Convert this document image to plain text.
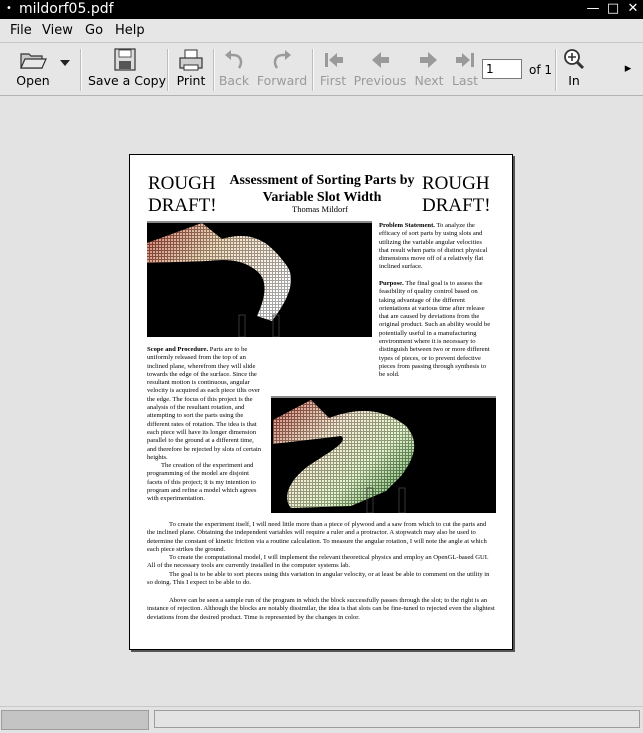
• mildorf05.pdf	— □ ✕
File View Go Help
Open	Save a Copy Print	Back Forward	First Previous Next Last	In
▸
1
of 1
ROUGH DRAFT!
ROUGH DRAFT!
Assessment of Sorting Parts by Variable Slot Width
Thomas Mildorf
Problem Statement. To analyze the efficacy of sort parts by using slots and utilizing the variable angular velocities that result when parts of distinct physical dimensions move off of a relatively flat inclined surface.
Purpose. The final goal is to assess the feasibility of quality control based on taking advantage of the different orientations at various time after release that are caused by deviations from the original product. Such an ability would be potentially useful in a manufacturing environment where it is necessary to distinguish between two or more different types of pieces, or to prevent defective pieces from passing through synthesis to be sold.
Scope and Procedure. Parts are to be uniformly released from the top of an inclined plane, wherefrom they will slide towards the edge of the surface. Since the resultant motion is continuous, angular velocity is acquired as each piece tilts over the edge. The focus of this project is the analysis of the resultant rotation, and attempting to sort the parts using the different rates of rotation. The idea is that each piece will have its longer dimension parallel to the ground at a different time, and therefore be rejected by slots of certain heights.
The creation of the experiment and programming of the model are disjoint facets of this project; it is my intention to program and refine a model which agrees with experimentation.
To create the experiment itself, I will need little more than a piece of plywood and a saw from which to cut the parts and the inclined plane. Obtaining the independent variables will require a ruler and a protractor. A stopwatch may also be used to determine the constant of kinetic friction via a routine calculation. To measure the angular rotation, I will note the angle at which each piece strikes the ground.
To create the computational model, I will implement the relevant theoretical physics and employ an OpenGL-based GUI. All of the necessary tools are currently installed in the computer systems lab.
The goal is to be able to sort pieces using this variation in angular velocity, or at least be able to comment on the utility in so doing. This I expect to be able to do.
Above can be seen a sample run of the program in which the block successfully passes through the slot; to the right is an instance of rejection. Although the blocks are notably dissimilar, the idea is that slots can be fine-tuned to rejected even the slightest deviations from the desired product. Time is represented by the changes in color.
